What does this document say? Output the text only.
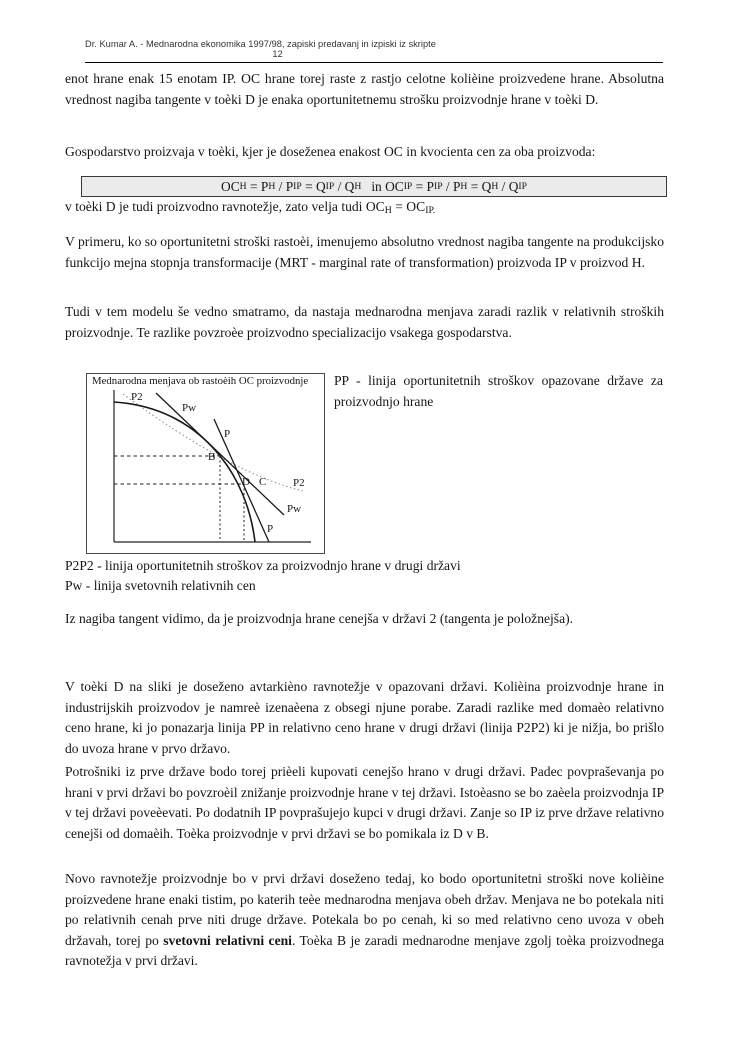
Dr. Kumar A. - Mednarodna ekonomika 1997/98, zapiski predavanj in izpiski iz skripte
12
enot hrane enak 15 enotam IP. OC hrane torej raste z rastjo celotne kolièine proizvedene hrane. Absolutna vrednost nagiba tangente v toèki D je enaka oportunitetnemu strošku proizvodnje hrane v toèki D.
Gospodarstvo proizvaja v toèki, kjer je doseženea enakost OC in kvocienta cen za oba proizvoda:
OC H = P H / P IP = Q IP / Q H in OC IP = P IP / P H = Q H / Q IP
v toèki D je tudi proizvodno ravnotežje, zato velja tudi $OC_H = OC_{IP.}$
V primeru, ko so oportunitetni stroški rastoèi, imenujemo absolutno vrednost nagiba tangente na produkcijsko funkcijo mejna stopnja transformacije (MRT - marginal rate of transformation) proizvoda IP v proizvod H.
Tudi v tem modelu še vedno smatramo, da nastaja mednarodna menjava zaradi razlik v relativnih stroških proizvodnje. Te razlike povzroèe proizvodno specializacijo vsakega gospodarstva.
Mednarodna menjava ob rastoèih OC proizvodnje
P2
Pw
P
B
D C P2
Pw
P
PP - linija oportunitetnih stroškov opazovane države za proizvodnjo hrane
P2P2 - linija oportunitetnih stroškov za proizvodnjo hrane v drugi državi
Pw - linija svetovnih relativnih cen
Iz nagiba tangent vidimo, da je proizvodnja hrane cenejša v državi 2 (tangenta je položnejša).
V toèki D na sliki je doseženo avtarkièno ravnotežje v opazovani državi. Kolièina proizvodnje hrane in industrijskih proizvodov je namreè izenaèena z obsegi njune porabe. Zaradi razlike med domaèo relativno ceno hrane, ki jo ponazarja linija PP in relativno ceno hrane v drugi državi (linija P2P2) ki je nižja, bo prišlo do uvoza hrane v prvo državo.
Potrošniki iz prve države bodo torej prièeli kupovati cenejšo hrano v drugi državi. Padec povpraševanja po hrani v prvi državi bo povzroèil znižanje proizvodnje hrane v tej državi. Istoèasno se bo zaèela proizvodnja IP v tej državi poveèevati. Po dodatnih IP povprašujejo kupci v drugi državi. Zanje so IP iz prve države relativno cenejši od domaèih. Toèka proizvodnje v prvi državi se bo pomikala iz D v B.
Novo ravnotežje proizvodnje bo v prvi državi doseženo tedaj, ko bodo oportunitetni stroški nove kolièine proizvedene hrane enaki tistim, po katerih teèe mednarodna menjava obeh držav. Menjava ne bo potekala niti po relativnih cenah prve niti druge države. Potekala bo po cenah, ki so med relativno ceno uvoza v obeh državah, torej po svetovni relativni ceni. Toèka B je zaradi mednarodne menjave zgolj toèka proizvodnega ravnotežja v prvi državi.
